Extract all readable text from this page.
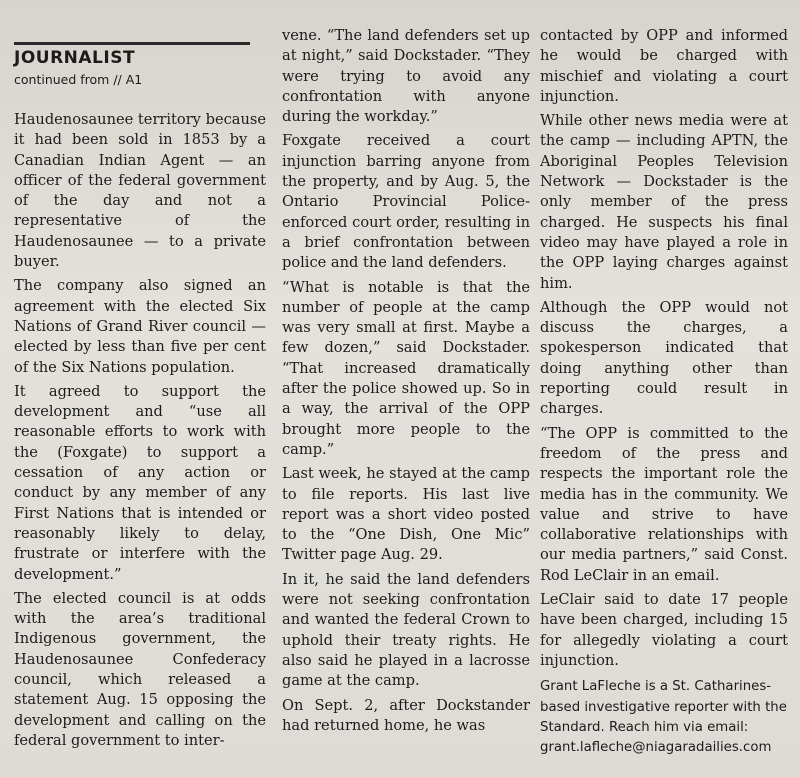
JOURNALIST
continued from // A1

Haudenosaunee territory because it had been sold in 1853 by a Canadian Indian Agent — an officer of the federal government of the day and not a representative of the Haudenosaunee — to a private buyer.

The company also signed an agreement with the elected Six Nations of Grand River council — elected by less than five per cent of the Six Nations population.

It agreed to support the development and “use all reasonable efforts to work with the (Foxgate) to support a cessation of any action or conduct by any member of any First Nations that is intended or reasonably likely to delay, frustrate or interfere with the development.”

The elected council is at odds with the area’s traditional Indigenous government, the Haudenosaunee Confederacy council, which released a statement Aug. 15 opposing the development and calling on the federal government to inter-

vene. “The land defenders set up at night,” said Dockstader. “They were trying to avoid any confrontation with anyone during the workday.”

Foxgate received a court injunction barring anyone from the property, and by Aug. 5, the Ontario Provincial Police-enforced court order, resulting in a brief confrontation between police and the land defenders.

“What is notable is that the number of people at the camp was very small at first. Maybe a few dozen,” said Dockstader. “That increased dramatically after the police showed up. So in a way, the arrival of the OPP brought more people to the camp.”

Last week, he stayed at the camp to file reports. His last live report was a short video posted to the “One Dish, One Mic” Twitter page Aug. 29.

In it, he said the land defenders were not seeking confrontation and wanted the federal Crown to uphold their treaty rights. He also said he played in a lacrosse game at the camp.

On Sept. 2, after Dockstander had returned home, he was

contacted by OPP and informed he would be charged with mischief and violating a court injunction.

While other news media were at the camp — including APTN, the Aboriginal Peoples Television Network — Dockstader is the only member of the press charged. He suspects his final video may have played a role in the OPP laying charges against him.

Although the OPP would not discuss the charges, a spokesperson indicated that doing anything other than reporting could result in charges.

“The OPP is committed to the freedom of the press and respects the important role the media has in the community. We value and strive to have collaborative relationships with our media partners,” said Const. Rod LeClair in an email.

LeClair said to date 17 people have been charged, including 15 for allegedly violating a court injunction.

Grant LaFleche is a St. Catharines-based investigative reporter with the Standard. Reach him via email: grant.lafleche@niagaradailies.com
